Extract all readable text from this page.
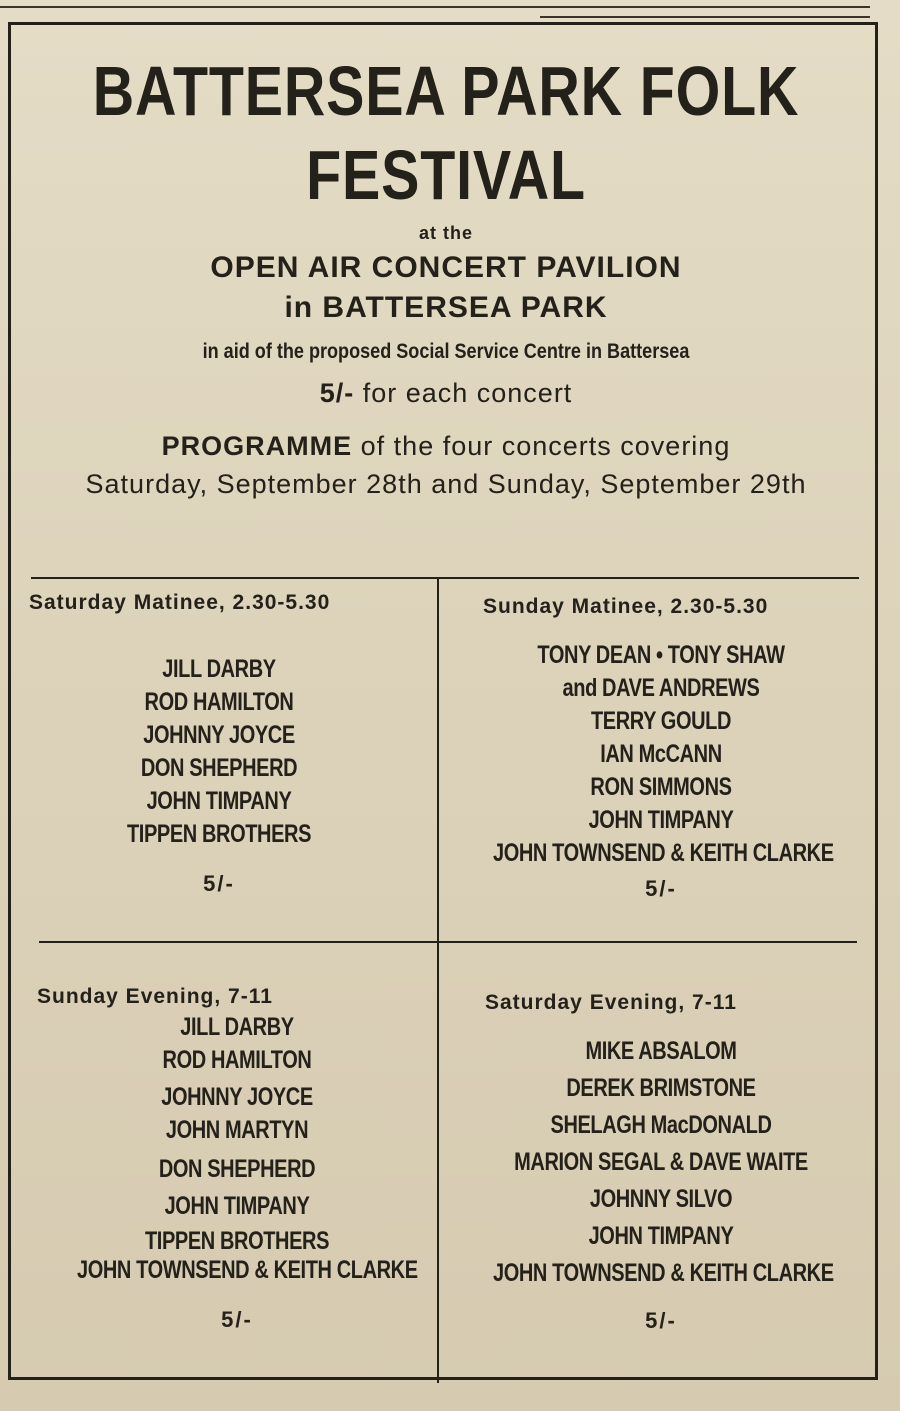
BATTERSEA PARK FOLK
FESTIVAL
at the
OPEN AIR CONCERT PAVILION
in BATTERSEA PARK
in aid of the proposed Social Service Centre in Battersea
5/- for each concert
PROGRAMME of the four concerts covering
Saturday, September 28th and Sunday, September 29th
Saturday Matinee, 2.30-5.30
JILL DARBY
ROD HAMILTON
JOHNNY JOYCE
DON SHEPHERD
JOHN TIMPANY
TIPPEN BROTHERS
5/-
Sunday Matinee, 2.30-5.30
TONY DEAN • TONY SHAW
and DAVE ANDREWS
TERRY GOULD
IAN McCANN
RON SIMMONS
JOHN TIMPANY
JOHN TOWNSEND & KEITH CLARKE
5/-
Sunday Evening, 7-11
JILL DARBY
ROD HAMILTON
JOHNNY JOYCE
JOHN MARTYN
DON SHEPHERD
JOHN TIMPANY
TIPPEN BROTHERS
JOHN TOWNSEND & KEITH CLARKE
5/-
Saturday Evening, 7-11
MIKE ABSALOM
DEREK BRIMSTONE
SHELAGH MacDONALD
MARION SEGAL & DAVE WAITE
JOHNNY SILVO
JOHN TIMPANY
JOHN TOWNSEND & KEITH CLARKE
5/-
